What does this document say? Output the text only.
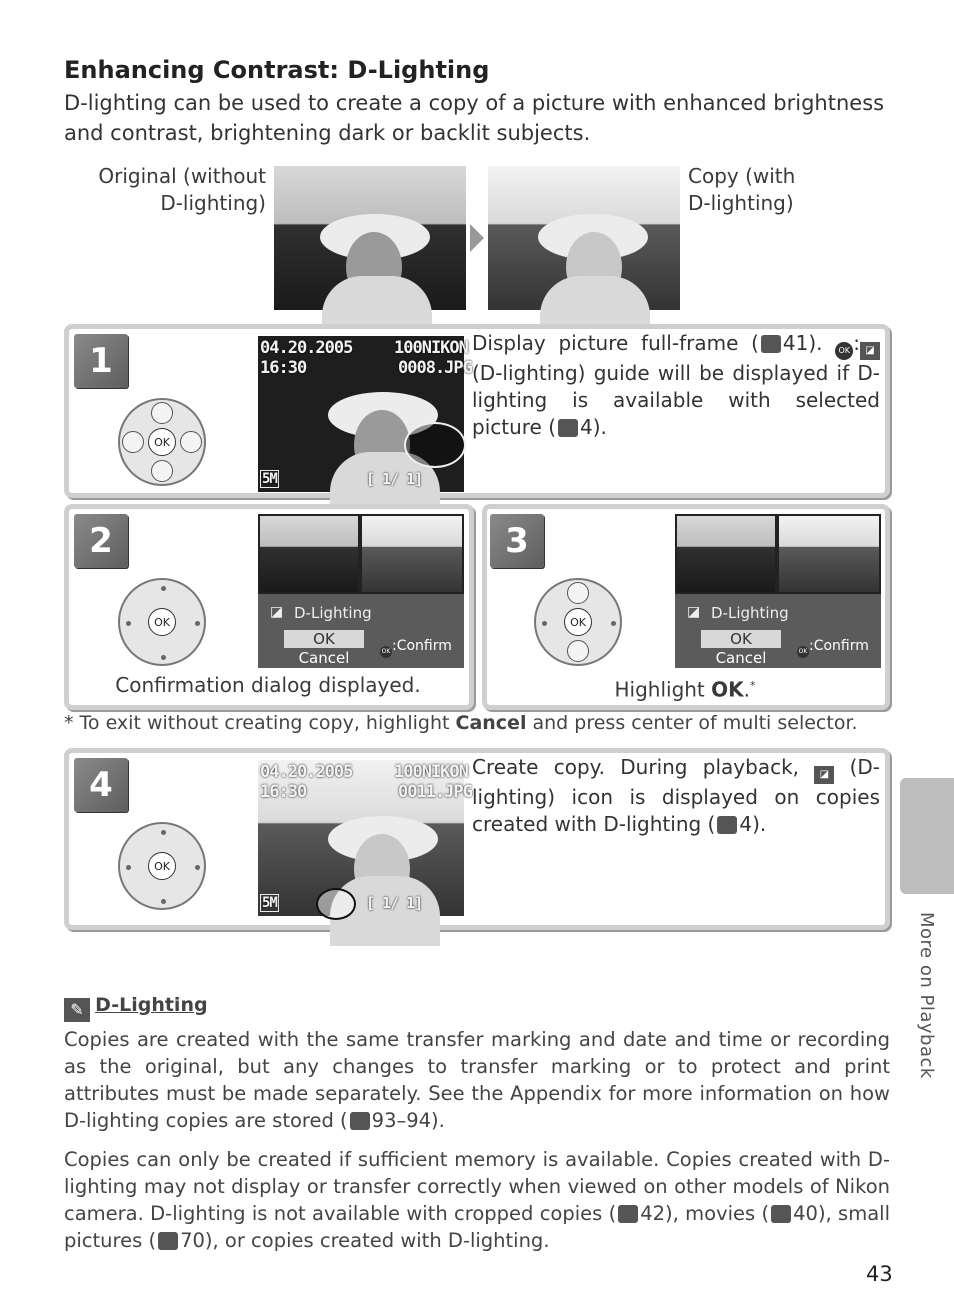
Enhancing Contrast: D-Lighting
D-lighting can be used to create a copy of a picture with enhanced brightness and contrast, brightening dark or backlit subjects.
Original (without
D-lighting)
Copy (with
D-lighting)
1
OK
04.20.2005
16:30
100NIKON
0008.JPG
5M	[ 1/ 1]
Display picture full-frame ( 41). OK : ◪ (D-lighting) guide will be displayed if D-lighting is available with selected picture ( 4).
2
OK
◪ D-Lighting
OK
Cancel	OK :Confirm
Confirmation dialog displayed.
3
OK
◪ D-Lighting
OK
Cancel	OK :Confirm
Highlight OK.*
* To exit without creating copy, highlight Cancel and press center of multi selector.
4
OK
04.20.2005
16:30
100NIKON
0011.JPG
5M	[ 1/ 1]
Create copy. During playback, ◪ (D-lighting) icon is displayed on copies created with D-lighting ( 4).
✎ D-Lighting

Copies are created with the same transfer marking and date and time or recording as the original, but any changes to transfer marking or to protect and print attributes must be made separately. See the Appendix for more information on how D-lighting copies are stored ( 93–94).

Copies can only be created if sufficient memory is available. Copies created with D-lighting may not display or transfer correctly when viewed on other models of Nikon camera. D-lighting is not available with cropped copies ( 42), movies ( 40), small pictures ( 70), or copies created with D-lighting.

More on Playback
43
